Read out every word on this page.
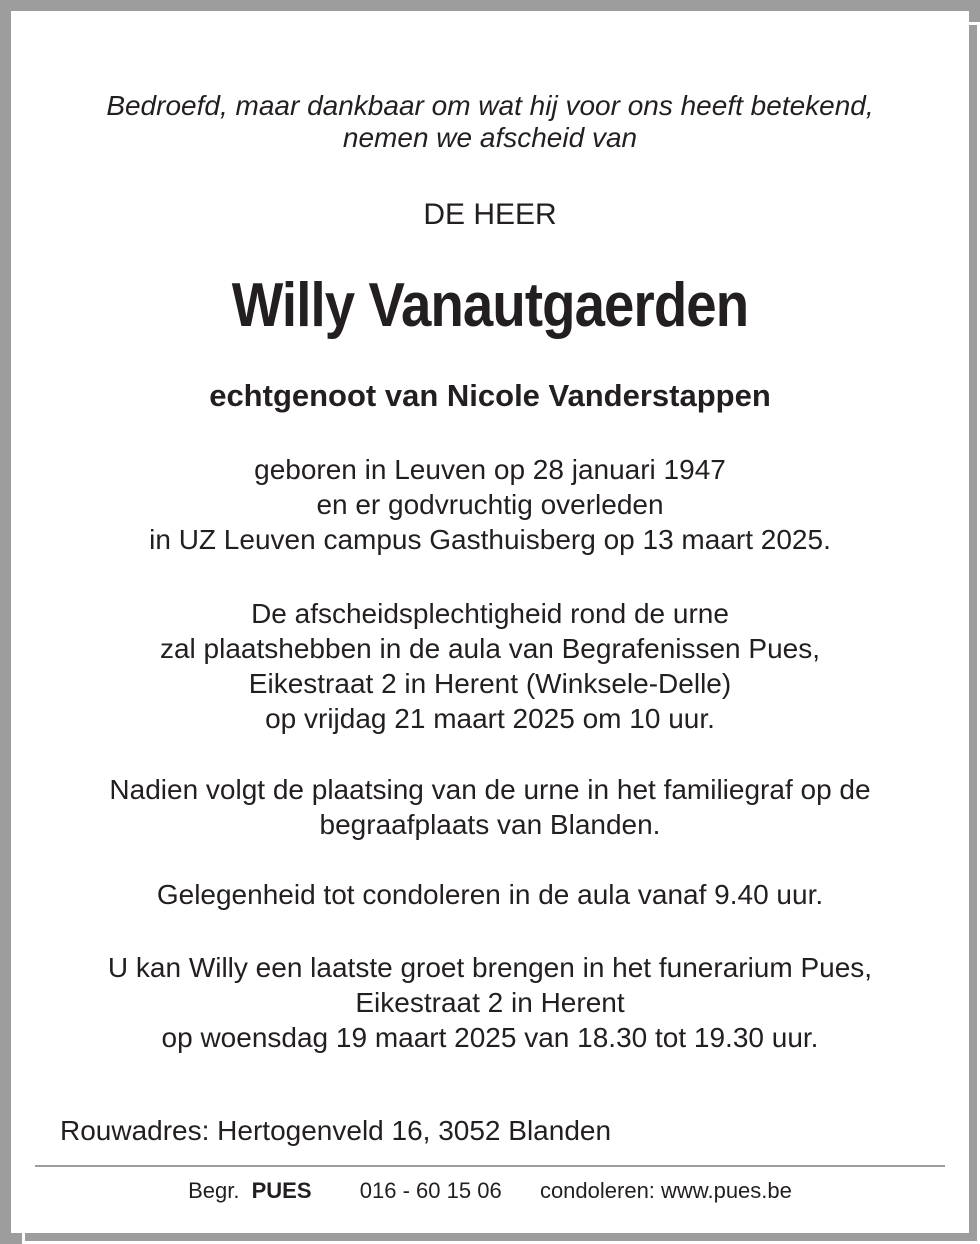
Bedroefd, maar dankbaar om wat hij voor ons heeft betekend,
nemen we afscheid van
DE HEER
Willy Vanautgaerden
echtgenoot van Nicole Vanderstappen
geboren in Leuven op 28 januari 1947
en er godvruchtig overleden
in UZ Leuven campus Gasthuisberg op 13 maart 2025.
De afscheidsplechtigheid rond de urne
zal plaatshebben in de aula van Begrafenissen Pues,
Eikestraat 2 in Herent (Winksele-Delle)
op vrijdag 21 maart 2025 om 10 uur.
Nadien volgt de plaatsing van de urne in het familiegraf op de
begraafplaats van Blanden.
Gelegenheid tot condoleren in de aula vanaf 9.40 uur.
U kan Willy een laatste groet brengen in het funerarium Pues,
Eikestraat 2 in Herent
op woensdag 19 maart 2025 van 18.30 tot 19.30 uur.
Rouwadres: Hertogenveld 16, 3052 Blanden
Begr. PUES 016 - 60 15 06 condoleren: www.pues.be
